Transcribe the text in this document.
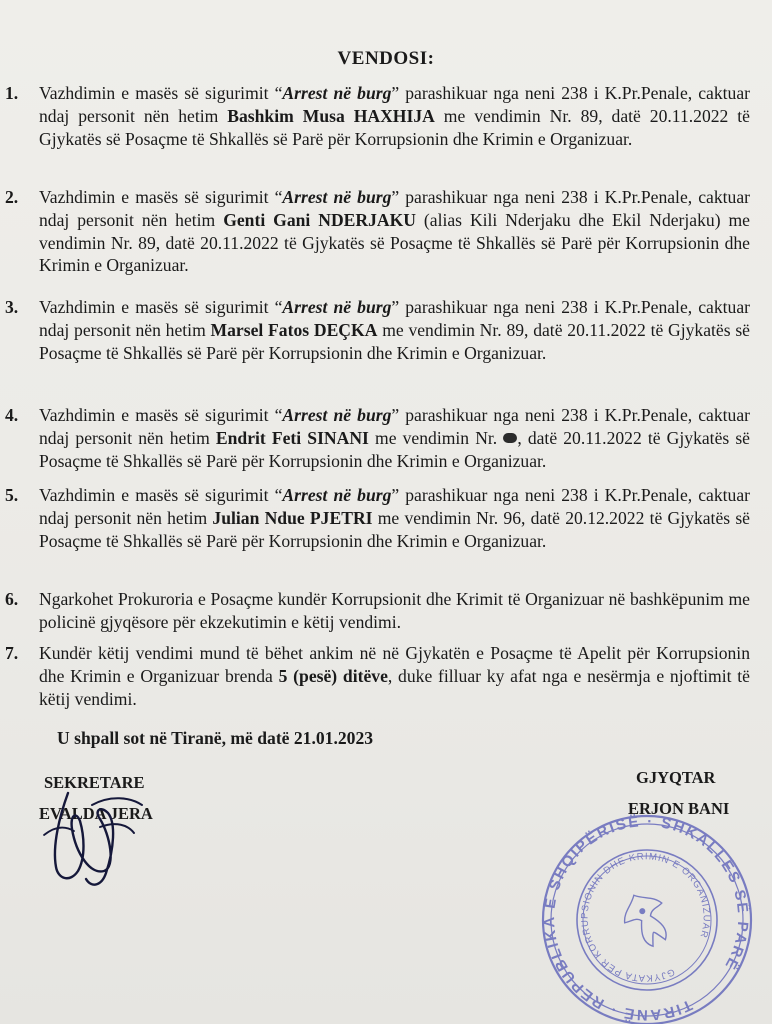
VENDOSI:
1. Vazhdimin e masës së sigurimit “Arrest në burg” parashikuar nga neni 238 i K.Pr.Penale, caktuar ndaj personit nën hetim Bashkim Musa HAXHIJA me vendimin Nr. 89, datë 20.11.2022 të Gjykatës së Posaçme të Shkallës së Parë për Korrupsionin dhe Krimin e Organizuar.
2. Vazhdimin e masës së sigurimit “Arrest në burg” parashikuar nga neni 238 i K.Pr.Penale, caktuar ndaj personit nën hetim Genti Gani NDERJAKU (alias Kili Nderjaku dhe Ekil Nderjaku) me vendimin Nr. 89, datë 20.11.2022 të Gjykatës së Posaçme të Shkallës së Parë për Korrupsionin dhe Krimin e Organizuar.
3. Vazhdimin e masës së sigurimit “Arrest në burg” parashikuar nga neni 238 i K.Pr.Penale, caktuar ndaj personit nën hetim Marsel Fatos DEÇKA me vendimin Nr. 89, datë 20.11.2022 të Gjykatës së Posaçme të Shkallës së Parë për Korrupsionin dhe Krimin e Organizuar.
4. Vazhdimin e masës së sigurimit “Arrest në burg” parashikuar nga neni 238 i K.Pr.Penale, caktuar ndaj personit nën hetim Endrit Feti SINANI me vendimin Nr. , datë 20.11.2022 të Gjykatës së Posaçme të Shkallës së Parë për Korrupsionin dhe Krimin e Organizuar.
5. Vazhdimin e masës së sigurimit “Arrest në burg” parashikuar nga neni 238 i K.Pr.Penale, caktuar ndaj personit nën hetim Julian Ndue PJETRI me vendimin Nr. 96, datë 20.12.2022 të Gjykatës së Posaçme të Shkallës së Parë për Korrupsionin dhe Krimin e Organizuar.
6. Ngarkohet Prokuroria e Posaçme kundër Korrupsionit dhe Krimit të Organizuar në bashkëpunim me policinë gjyqësore për ekzekutimin e këtij vendimi.
7. Kundër këtij vendimi mund të bëhet ankim në në Gjykatën e Posaçme të Apelit për Korrupsionin dhe Krimin e Organizuar brenda 5 (pesë) ditëve, duke filluar ky afat nga e nesërmja e njoftimit të këtij vendimi.
U shpall sot në Tiranë, më datë 21.01.2023
SEKRETARE
EVALDA JERA
GJYQTAR
ERJON BANI
TIRANË · REPUBLIKA E SHQIPËRISË · SHKALLËS SË PARË
GJYKATA PËR KORRUPSIONIN DHE KRIMIN E ORGANIZUAR
